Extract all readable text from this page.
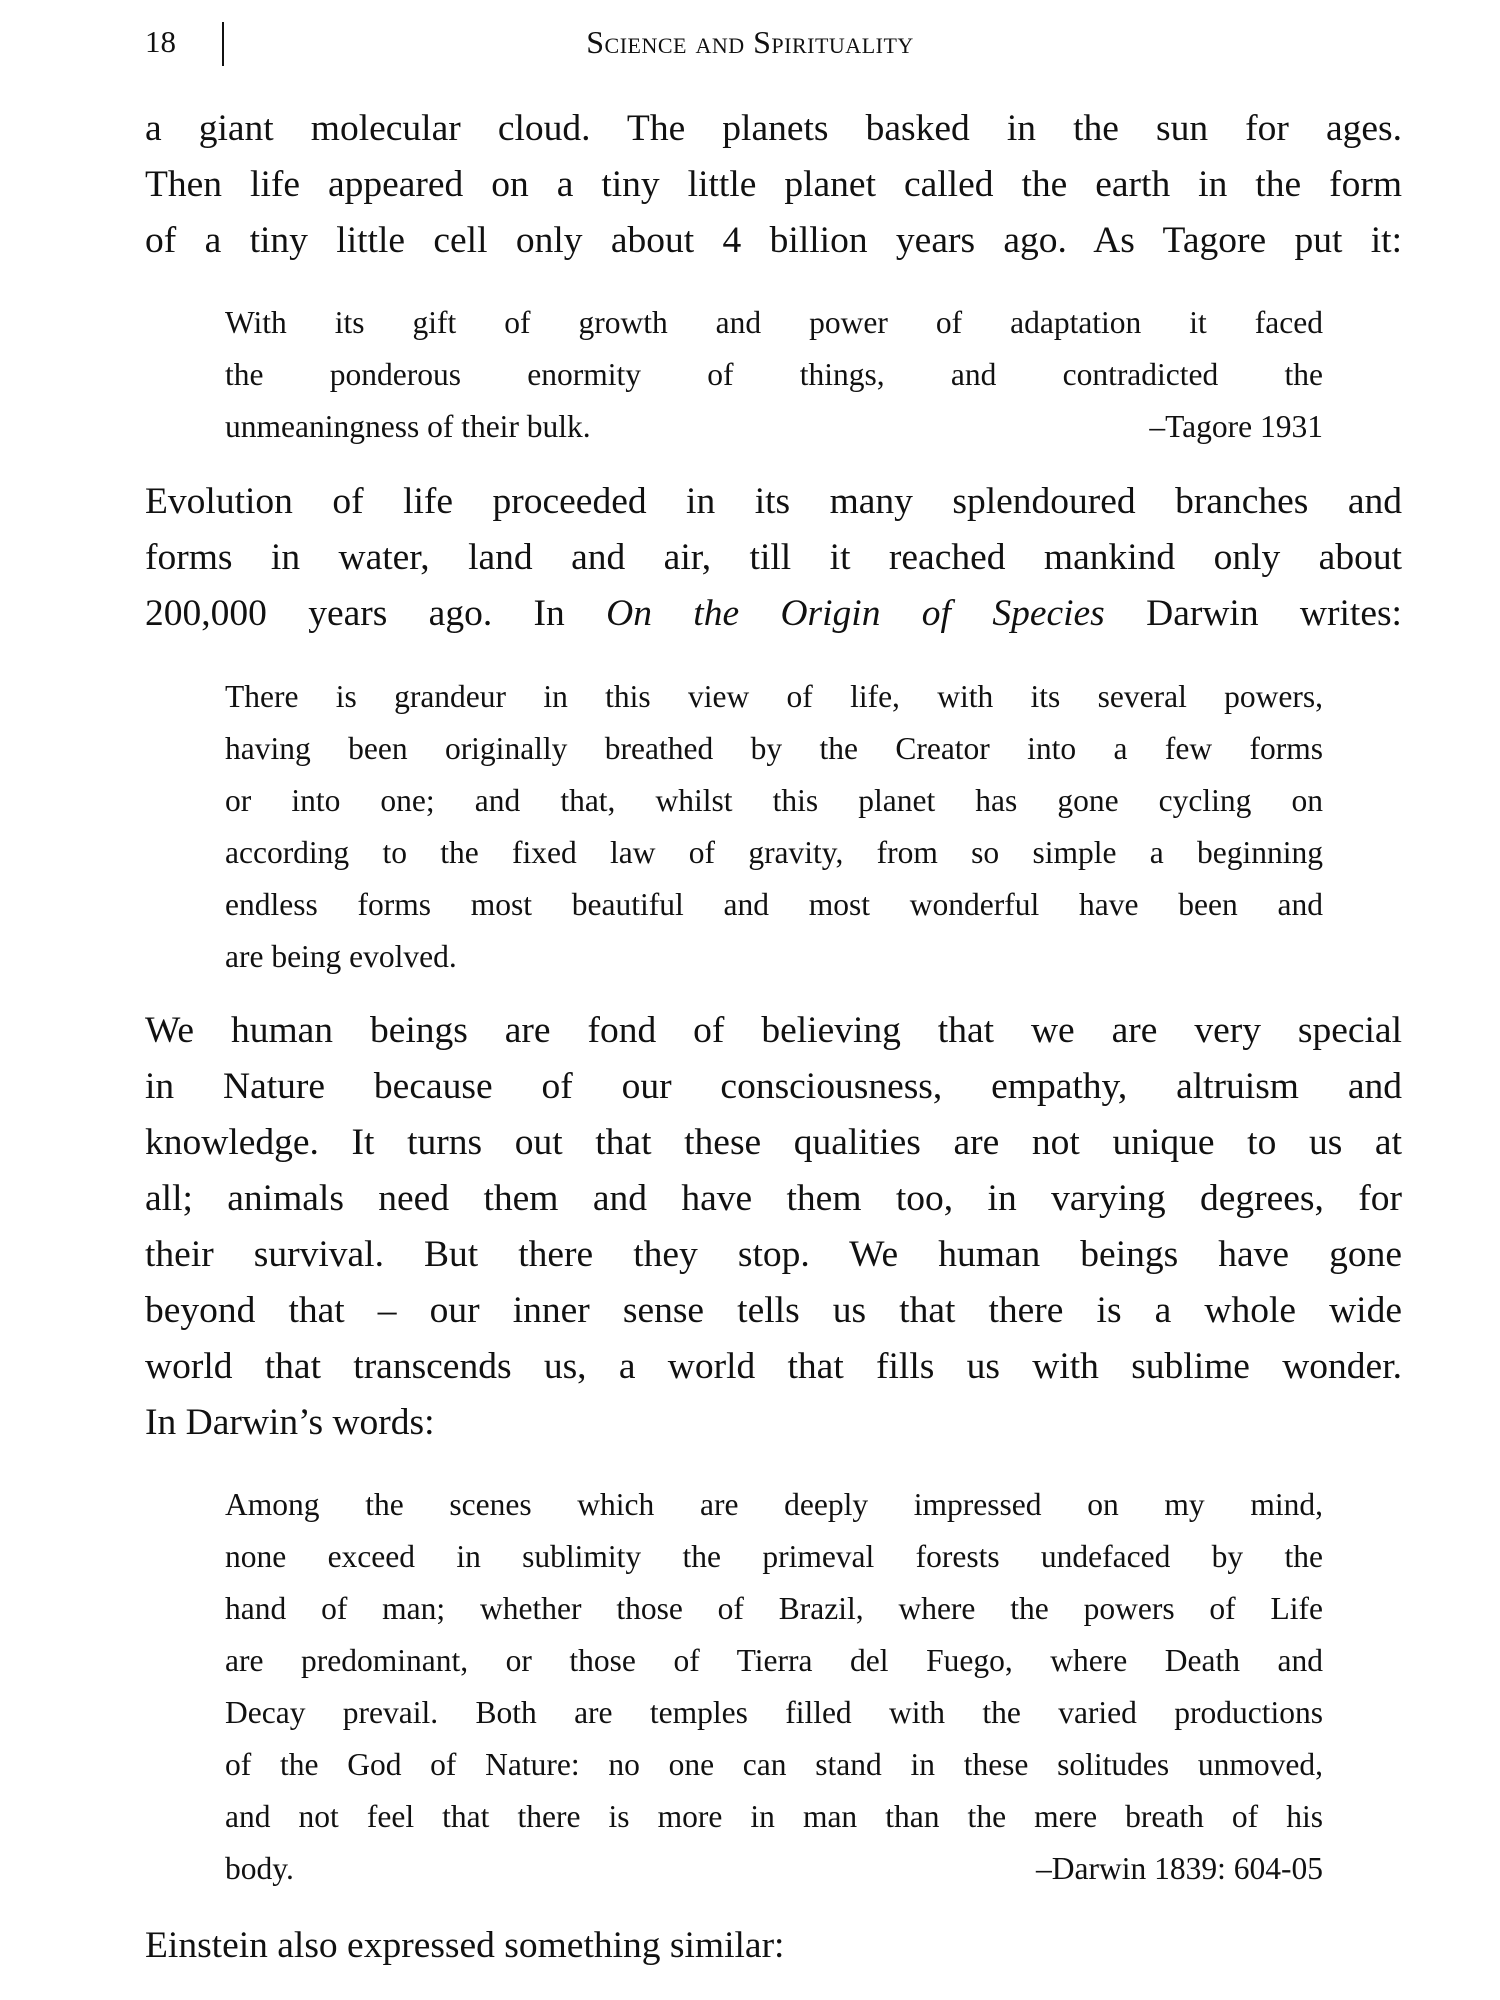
18	Science and Spirituality
a giant molecular cloud. The planets basked in the sun for ages.
Then life appeared on a tiny little planet called the earth in the form
of a tiny little cell only about 4 billion years ago. As Tagore put it:
With its gift of growth and power of adaptation it faced
the ponderous enormity of things, and contradicted the
unmeaningness of their bulk.	–Tagore 1931
Evolution of life proceeded in its many splendoured branches and
forms in water, land and air, till it reached mankind only about
200,000 years ago. In On the Origin of Species Darwin writes:
There is grandeur in this view of life, with its several powers,
having been originally breathed by the Creator into a few forms
or into one; and that, whilst this planet has gone cycling on
according to the fixed law of gravity, from so simple a beginning
endless forms most beautiful and most wonderful have been and
are being evolved.
We human beings are fond of believing that we are very special
in Nature because of our consciousness, empathy, altruism and
knowledge. It turns out that these qualities are not unique to us at
all; animals need them and have them too, in varying degrees, for
their survival. But there they stop. We human beings have gone
beyond that – our inner sense tells us that there is a whole wide
world that transcends us, a world that fills us with sublime wonder.
In Darwin’s words:
Among the scenes which are deeply impressed on my mind,
none exceed in sublimity the primeval forests undefaced by the
hand of man; whether those of Brazil, where the powers of Life
are predominant, or those of Tierra del Fuego, where Death and
Decay prevail. Both are temples filled with the varied productions
of the God of Nature: no one can stand in these solitudes unmoved,
and not feel that there is more in man than the mere breath of his
body.	–Darwin 1839: 604-05
Einstein also expressed something similar:
